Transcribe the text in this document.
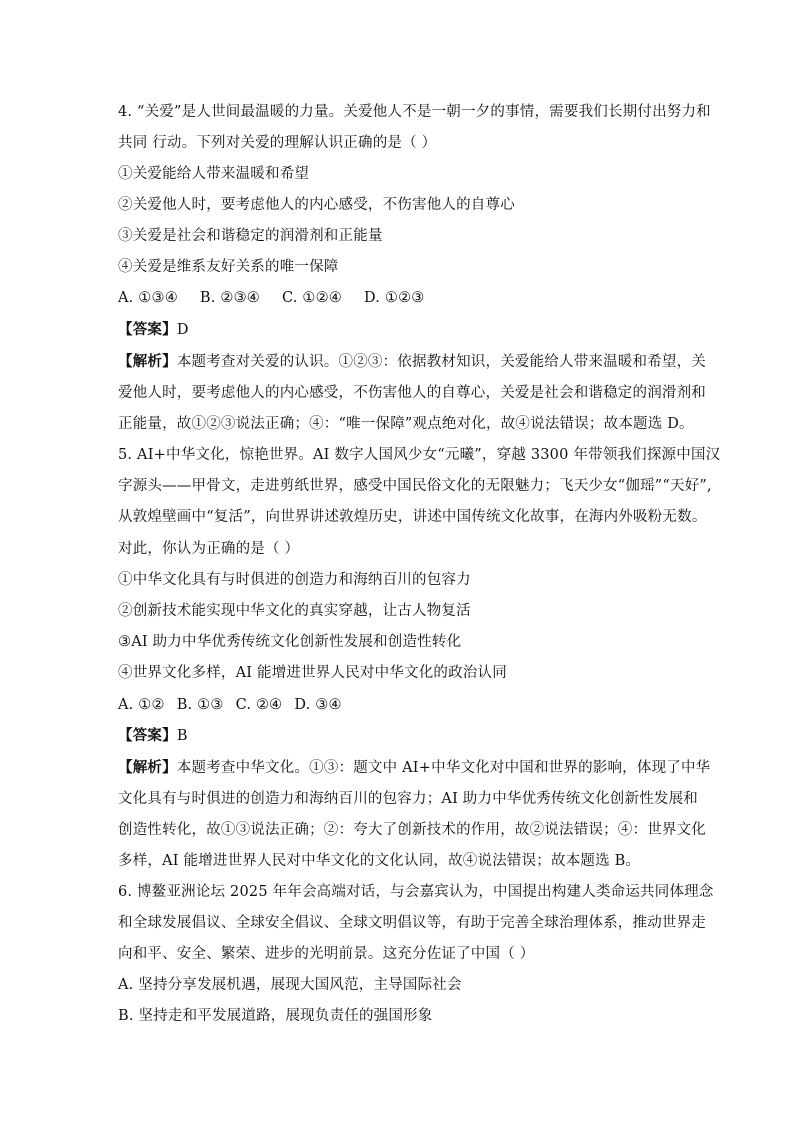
4. “关爱”是人世间最温暖的力量。关爱他人不是一朝一夕的事情，需要我们长期付出努力和
共同 行动。下列对关爱的理解认识正确的是（ ）
①关爱能给人带来温暖和希望
②关爱他人时，要考虑他人的内心感受，不伤害他人的自尊心
③关爱是社会和谐稳定的润滑剂和正能量
④关爱是维系友好关系的唯一保障
A. ①③④ B. ②③④ C. ①②④ D. ①②③
【答案】D
【解析】本题考查对关爱的认识。①②③：依据教材知识，关爱能给人带来温暖和希望，关
爱他人时，要考虑他人的内心感受，不伤害他人的自尊心，关爱是社会和谐稳定的润滑剂和
正能量，故①②③说法正确；④：“唯一保障”观点绝对化，故④说法错误；故本题选 D。
5. AI+中华文化，惊艳世界。AI 数字人国风少女“元曦”，穿越 3300 年带领我们探源中国汉
字源头——甲骨文，走进剪纸世界，感受中国民俗文化的无限魅力；飞天少女“伽瑶”“天好”,
从敦煌壁画中“复活”，向世界讲述敦煌历史，讲述中国传统文化故事，在海内外吸粉无数。
对此，你认为正确的是（ ）
①中华文化具有与时俱进的创造力和海纳百川的包容力
②创新技术能实现中华文化的真实穿越，让古人物复活
③AI 助力中华优秀传统文化创新性发展和创造性转化
④世界文化多样，AI 能增进世界人民对中华文化的政治认同
A. ①② B. ①③ C. ②④ D. ③④
【答案】B
【解析】本题考查中华文化。①③：题文中 AI+中华文化对中国和世界的影响，体现了中华
文化具有与时俱进的创造力和海纳百川的包容力；AI 助力中华优秀传统文化创新性发展和
创造性转化，故①③说法正确；②：夸大了创新技术的作用，故②说法错误；④：世界文化
多样，AI 能增进世界人民对中华文化的文化认同，故④说法错误；故本题选 B。
6. 博鳌亚洲论坛 2025 年年会高端对话，与会嘉宾认为，中国提出构建人类命运共同体理念
和全球发展倡议、全球安全倡议、全球文明倡议等，有助于完善全球治理体系，推动世界走
向和平、安全、繁荣、进步的光明前景。这充分佐证了中国（ ）
A. 坚持分享发展机遇，展现大国风范，主导国际社会
B. 坚持走和平发展道路，展现负责任的强国形象
